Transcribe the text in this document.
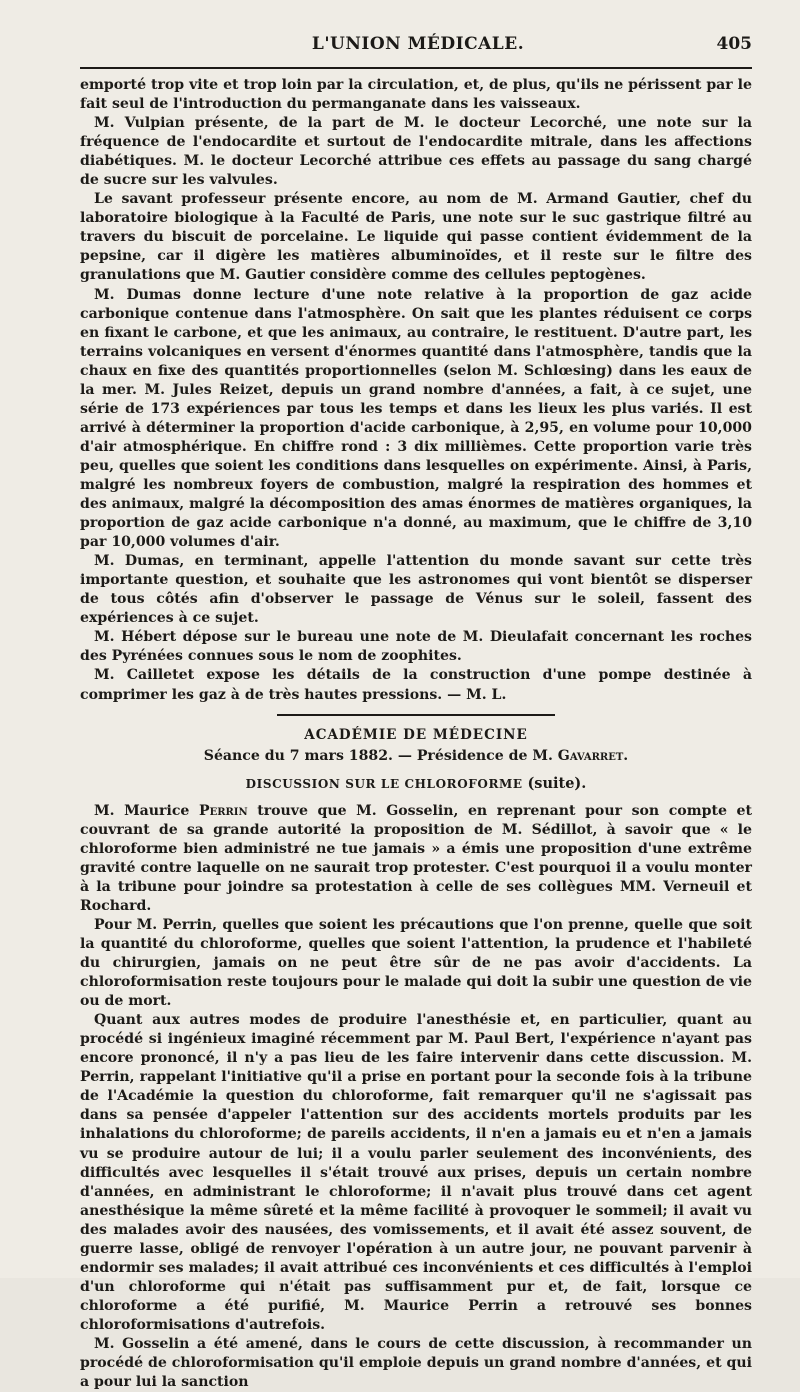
L'UNION MÉDICALE.	405

emporté trop vite et trop loin par la circulation, et, de plus, qu'ils ne périssent par le fait seul de l'introduction du permanganate dans les vaisseaux.

M. Vulpian présente, de la part de M. le docteur Lecorché, une note sur la fréquence de l'endocardite et surtout de l'endocardite mitrale, dans les affections diabétiques. M. le docteur Lecorché attribue ces effets au passage du sang chargé de sucre sur les valvules.

Le savant professeur présente encore, au nom de M. Armand Gautier, chef du laboratoire biologique à la Faculté de Paris, une note sur le suc gastrique filtré au travers du biscuit de porcelaine. Le liquide qui passe contient évidemment de la pepsine, car il digère les matières albuminoïdes, et il reste sur le filtre des granulations que M. Gautier considère comme des cellules peptogènes.

M. Dumas donne lecture d'une note relative à la proportion de gaz acide carbonique contenue dans l'atmosphère. On sait que les plantes réduisent ce corps en fixant le carbone, et que les animaux, au contraire, le restituent. D'autre part, les terrains volcaniques en versent d'énormes quantité dans l'atmosphère, tandis que la chaux en fixe des quantités proportionnelles (selon M. Schlœsing) dans les eaux de la mer. M. Jules Reizet, depuis un grand nombre d'années, a fait, à ce sujet, une série de 173 expériences par tous les temps et dans les lieux les plus variés. Il est arrivé à déterminer la proportion d'acide carbonique, à 2,95, en volume pour 10,000 d'air atmosphérique. En chiffre rond : 3 dix millièmes. Cette proportion varie très peu, quelles que soient les conditions dans lesquelles on expérimente. Ainsi, à Paris, malgré les nombreux foyers de combustion, malgré la respiration des hommes et des animaux, malgré la décomposition des amas énormes de matières organiques, la proportion de gaz acide carbonique n'a donné, au maximum, que le chiffre de 3,10 par 10,000 volumes d'air.

M. Dumas, en terminant, appelle l'attention du monde savant sur cette très importante question, et souhaite que les astronomes qui vont bientôt se disperser de tous côtés afin d'observer le passage de Vénus sur le soleil, fassent des expériences à ce sujet.

M. Hébert dépose sur le bureau une note de M. Dieulafait concernant les roches des Pyrénées connues sous le nom de zoophites.

M. Cailletet expose les détails de la construction d'une pompe destinée à comprimer les gaz à de très hautes pressions. — M. L.

ACADÉMIE DE MÉDECINE
Séance du 7 mars 1882. — Présidence de M. Gavarret.
DISCUSSION SUR LE CHLOROFORME (suite).

M. Maurice Perrin trouve que M. Gosselin, en reprenant pour son compte et couvrant de sa grande autorité la proposition de M. Sédillot, à savoir que « le chloroforme bien administré ne tue jamais » a émis une proposition d'une extrême gravité contre laquelle on ne saurait trop protester. C'est pourquoi il a voulu monter à la tribune pour joindre sa protestation à celle de ses collègues MM. Verneuil et Rochard.

Pour M. Perrin, quelles que soient les précautions que l'on prenne, quelle que soit la quantité du chloroforme, quelles que soient l'attention, la prudence et l'habileté du chirurgien, jamais on ne peut être sûr de ne pas avoir d'accidents. La chloroformisation reste toujours pour le malade qui doit la subir une question de vie ou de mort.

Quant aux autres modes de produire l'anesthésie et, en particulier, quant au procédé si ingénieux imaginé récemment par M. Paul Bert, l'expérience n'ayant pas encore prononcé, il n'y a pas lieu de les faire intervenir dans cette discussion. M. Perrin, rappelant l'initiative qu'il a prise en portant pour la seconde fois à la tribune de l'Académie la question du chloroforme, fait remarquer qu'il ne s'agissait pas dans sa pensée d'appeler l'attention sur des accidents mortels produits par les inhalations du chloroforme; de pareils accidents, il n'en a jamais eu et n'en a jamais vu se produire autour de lui; il a voulu parler seulement des inconvénients, des difficultés avec lesquelles il s'était trouvé aux prises, depuis un certain nombre d'années, en administrant le chloroforme; il n'avait plus trouvé dans cet agent anesthésique la même sûreté et la même facilité à provoquer le sommeil; il avait vu des malades avoir des nausées, des vomissements, et il avait été assez souvent, de guerre lasse, obligé de renvoyer l'opération à un autre jour, ne pouvant parvenir à endormir ses malades; il avait attribué ces inconvénients et ces difficultés à l'emploi d'un chloroforme qui n'était pas suffisamment pur et, de fait, lorsque ce chloroforme a été purifié, M. Maurice Perrin a retrouvé ses bonnes chloroformisations d'autrefois.

M. Gosselin a été amené, dans le cours de cette discussion, à recommander un procédé de chloroformisation qu'il emploie depuis un grand nombre d'années, et qui a pour lui la sanction
